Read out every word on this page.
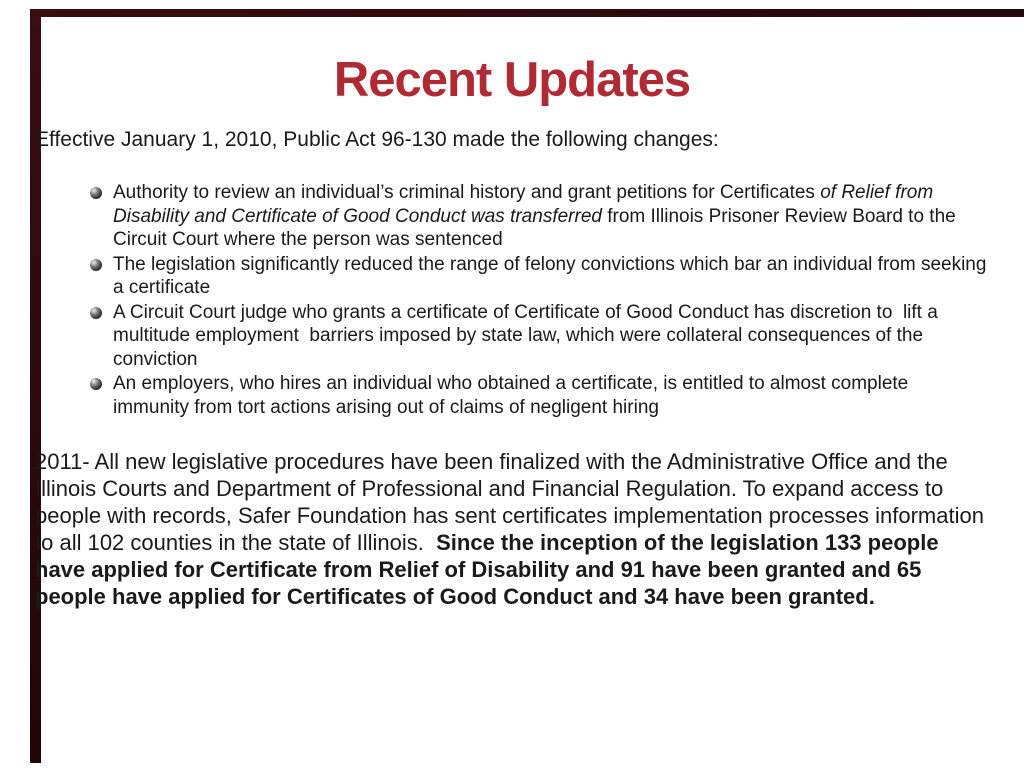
Recent Updates
Effective January 1, 2010, Public Act 96-130 made the following changes:
Authority to review an individual’s criminal history and grant petitions for Certificates of Relief from Disability and Certificate of Good Conduct was transferred from Illinois Prisoner Review Board to the Circuit Court where the person was sentenced
The legislation significantly reduced the range of felony convictions which bar an individual from seeking a certificate
A Circuit Court judge who grants a certificate of Certificate of Good Conduct has discretion to  lift a multitude employment  barriers imposed by state law, which were collateral consequences of the conviction
An employers, who hires an individual who obtained a certificate, is entitled to almost complete immunity from tort actions arising out of claims of negligent hiring
2011- All new legislative procedures have been finalized with the Administrative Office and the Illinois Courts and Department of Professional and Financial Regulation. To expand access to people with records, Safer Foundation has sent certificates implementation processes information to all 102 counties in the state of Illinois.  Since the inception of the legislation 133 people have applied for Certificate from Relief of Disability and 91 have been granted and 65 people have applied for Certificates of Good Conduct and 34 have been granted.
